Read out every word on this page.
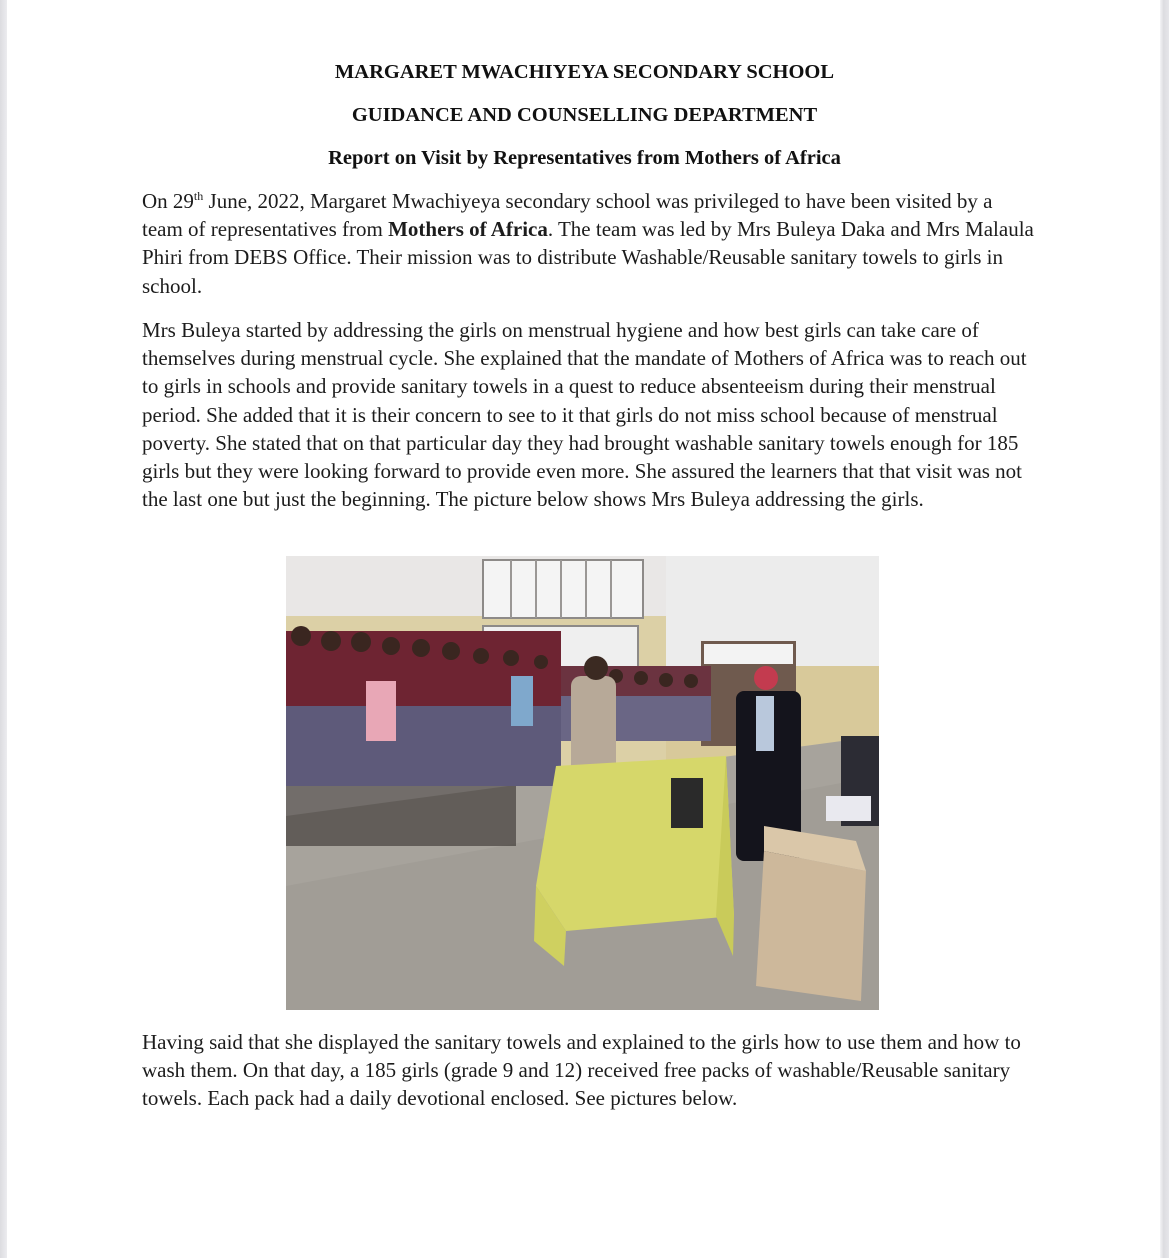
MARGARET MWACHIYEYA SECONDARY SCHOOL
GUIDANCE AND COUNSELLING DEPARTMENT
Report on Visit by Representatives from Mothers of Africa

On 29th June, 2022, Margaret Mwachiyeya secondary school was privileged to have been visited by a team of representatives from Mothers of Africa. The team was led by Mrs Buleya Daka and Mrs Malaula Phiri from DEBS Office. Their mission was to distribute Washable/Reusable sanitary towels to girls in school.

Mrs Buleya started by addressing the girls on menstrual hygiene and how best girls can take care of themselves during menstrual cycle. She explained that the mandate of Mothers of Africa was to reach out to girls in schools and provide sanitary towels in a quest to reduce absenteeism during their menstrual period. She added that it is their concern to see to it that girls do not miss school because of menstrual poverty. She stated that on that particular day they had brought washable sanitary towels enough for 185 girls but they were looking forward to provide even more. She assured the learners that that visit was not the last one but just the beginning. The picture below shows Mrs Buleya addressing the girls.

Having said that she displayed the sanitary towels and explained to the girls how to use them and how to wash them. On that day, a 185 girls (grade 9 and 12) received free packs of washable/Reusable sanitary towels. Each pack had a daily devotional enclosed. See pictures below.
